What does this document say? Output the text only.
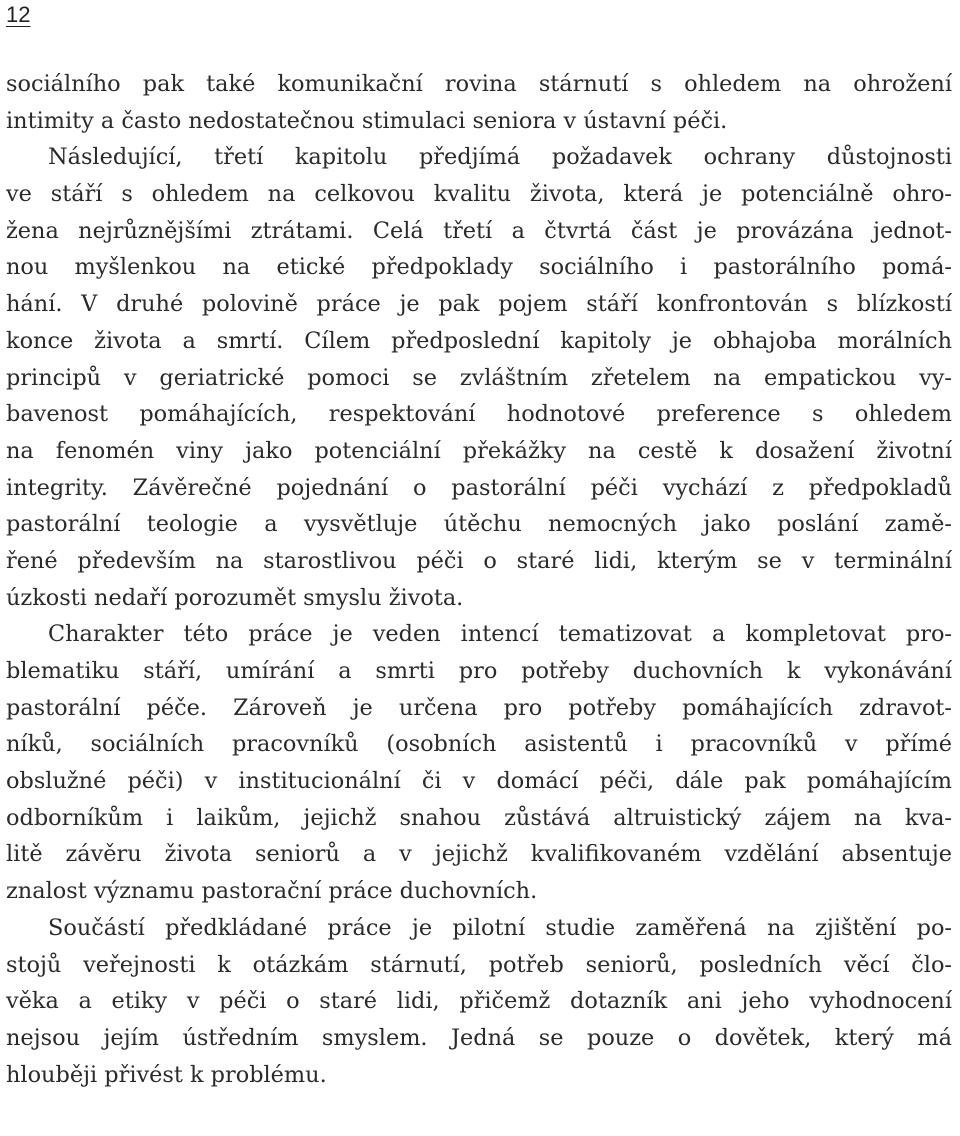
12
sociálního pak také komunikační rovina stárnutí s ohledem na ohrožení
intimity a často nedostatečnou stimulaci seniora v ústavní péči.
Následující, třetí kapitolu předjímá požadavek ochrany důstojnosti
ve stáří s ohledem na celkovou kvalitu života, která je potenciálně ohro-
žena nejrůznějšími ztrátami. Celá třetí a čtvrtá část je provázána jednot-
nou myšlenkou na etické předpoklady sociálního i pastorálního pomá-
hání. V druhé polovině práce je pak pojem stáří konfrontován s blízkostí
konce života a smrtí. Cílem předposlední kapitoly je obhajoba morálních
principů v geriatrické pomoci se zvláštním zřetelem na empatickou vy-
bavenost pomáhajících, respektování hodnotové preference s ohledem
na fenomén viny jako potenciální překážky na cestě k dosažení životní
integrity. Závěrečné pojednání o pastorální péči vychází z předpokladů
pastorální teologie a vysvětluje útěchu nemocných jako poslání zamě-
řené především na starostlivou péči o staré lidi, kterým se v terminální
úzkosti nedaří porozumět smyslu života.
Charakter této práce je veden intencí tematizovat a kompletovat pro-
blematiku stáří, umírání a smrti pro potřeby duchovních k vykonávání
pastorální péče. Zároveň je určena pro potřeby pomáhajících zdravot-
níků, sociálních pracovníků (osobních asistentů i pracovníků v přímé
obslužné péči) v institucionální či v domácí péči, dále pak pomáhajícím
odborníkům i laikům, jejichž snahou zůstává altruistický zájem na kva-
litě závěru života seniorů a v jejichž kvalifikovaném vzdělání absentuje
znalost významu pastorační práce duchovních.
Součástí předkládané práce je pilotní studie zaměřená na zjištění po-
stojů veřejnosti k otázkám stárnutí, potřeb seniorů, posledních věcí člo-
věka a etiky v péči o staré lidi, přičemž dotazník ani jeho vyhodnocení
nejsou jejím ústředním smyslem. Jedná se pouze o dovětek, který má
hlouběji přivést k problému.
